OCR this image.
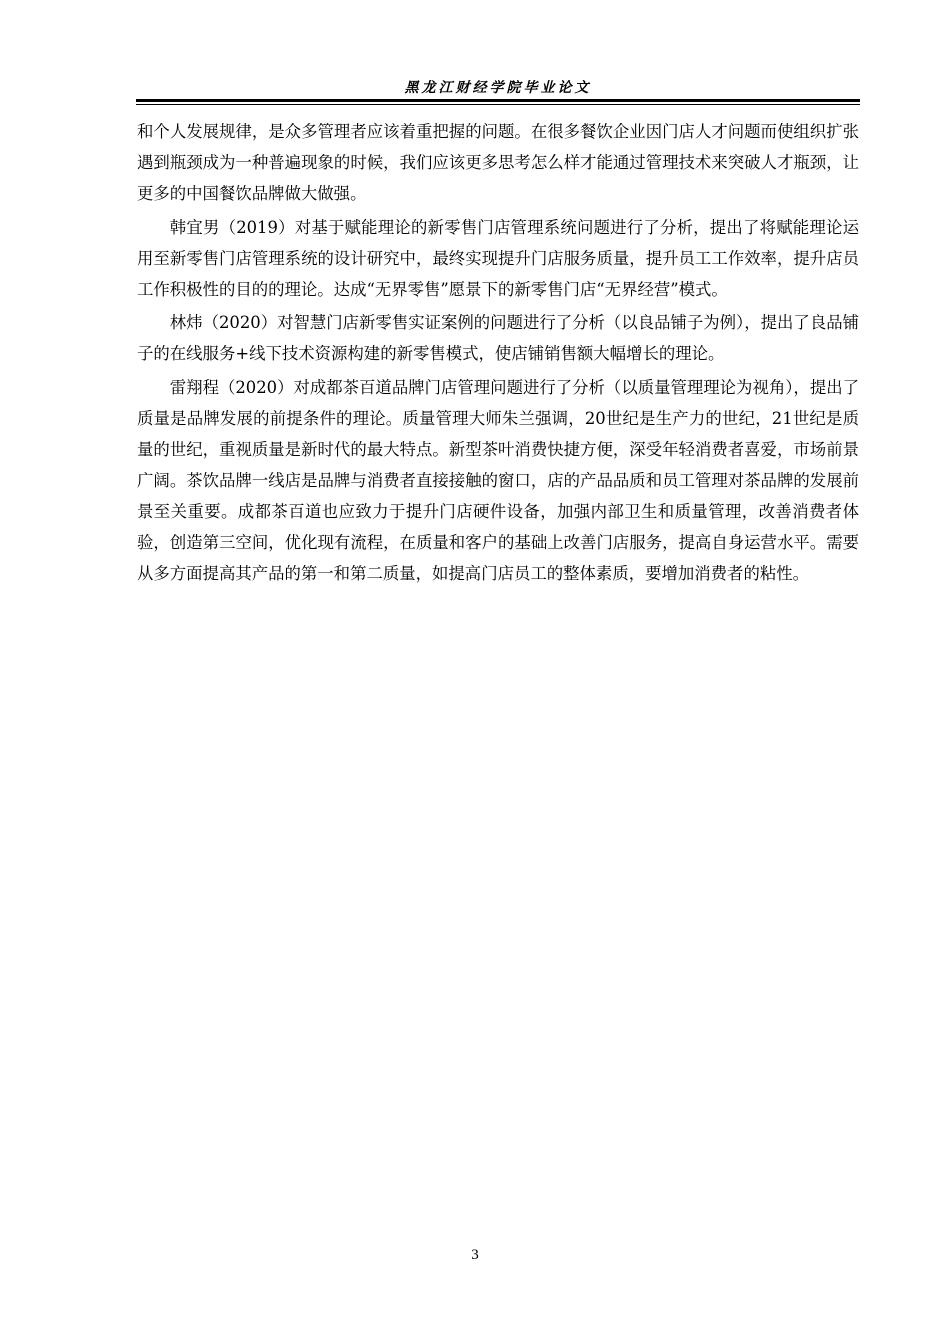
黑龙江财经学院毕业论文

和个人发展规律，是众多管理者应该着重把握的问题。在很多餐饮企业因门店人才问题而使组织扩张遇到瓶颈成为一种普遍现象的时候，我们应该更多思考怎么样才能通过管理技术来突破人才瓶颈，让更多的中国餐饮品牌做大做强。

韩宜男（2019）对基于赋能理论的新零售门店管理系统问题进行了分析，提出了将赋能理论运用至新零售门店管理系统的设计研究中，最终实现提升门店服务质量，提升员工工作效率，提升店员工作积极性的目的的理论。达成“无界零售”愿景下的新零售门店“无界经营”模式。

林炜（2020）对智慧门店新零售实证案例的问题进行了分析（以良品铺子为例），提出了良品铺子的在线服务+线下技术资源构建的新零售模式，使店铺销售额大幅增长的理论。

雷翔程（2020）对成都茶百道品牌门店管理问题进行了分析（以质量管理理论为视角），提出了质量是品牌发展的前提条件的理论。质量管理大师朱兰强调，20世纪是生产力的世纪，21世纪是质量的世纪，重视质量是新时代的最大特点。新型茶叶消费快捷方便，深受年轻消费者喜爱，市场前景广阔。茶饮品牌一线店是品牌与消费者直接接触的窗口，店的产品品质和员工管理对茶品牌的发展前景至关重要。成都茶百道也应致力于提升门店硬件设备，加强内部卫生和质量管理，改善消费者体验，创造第三空间，优化现有流程，在质量和客户的基础上改善门店服务，提高自身运营水平。需要从多方面提高其产品的第一和第二质量，如提高门店员工的整体素质，要增加消费者的粘性。

3
